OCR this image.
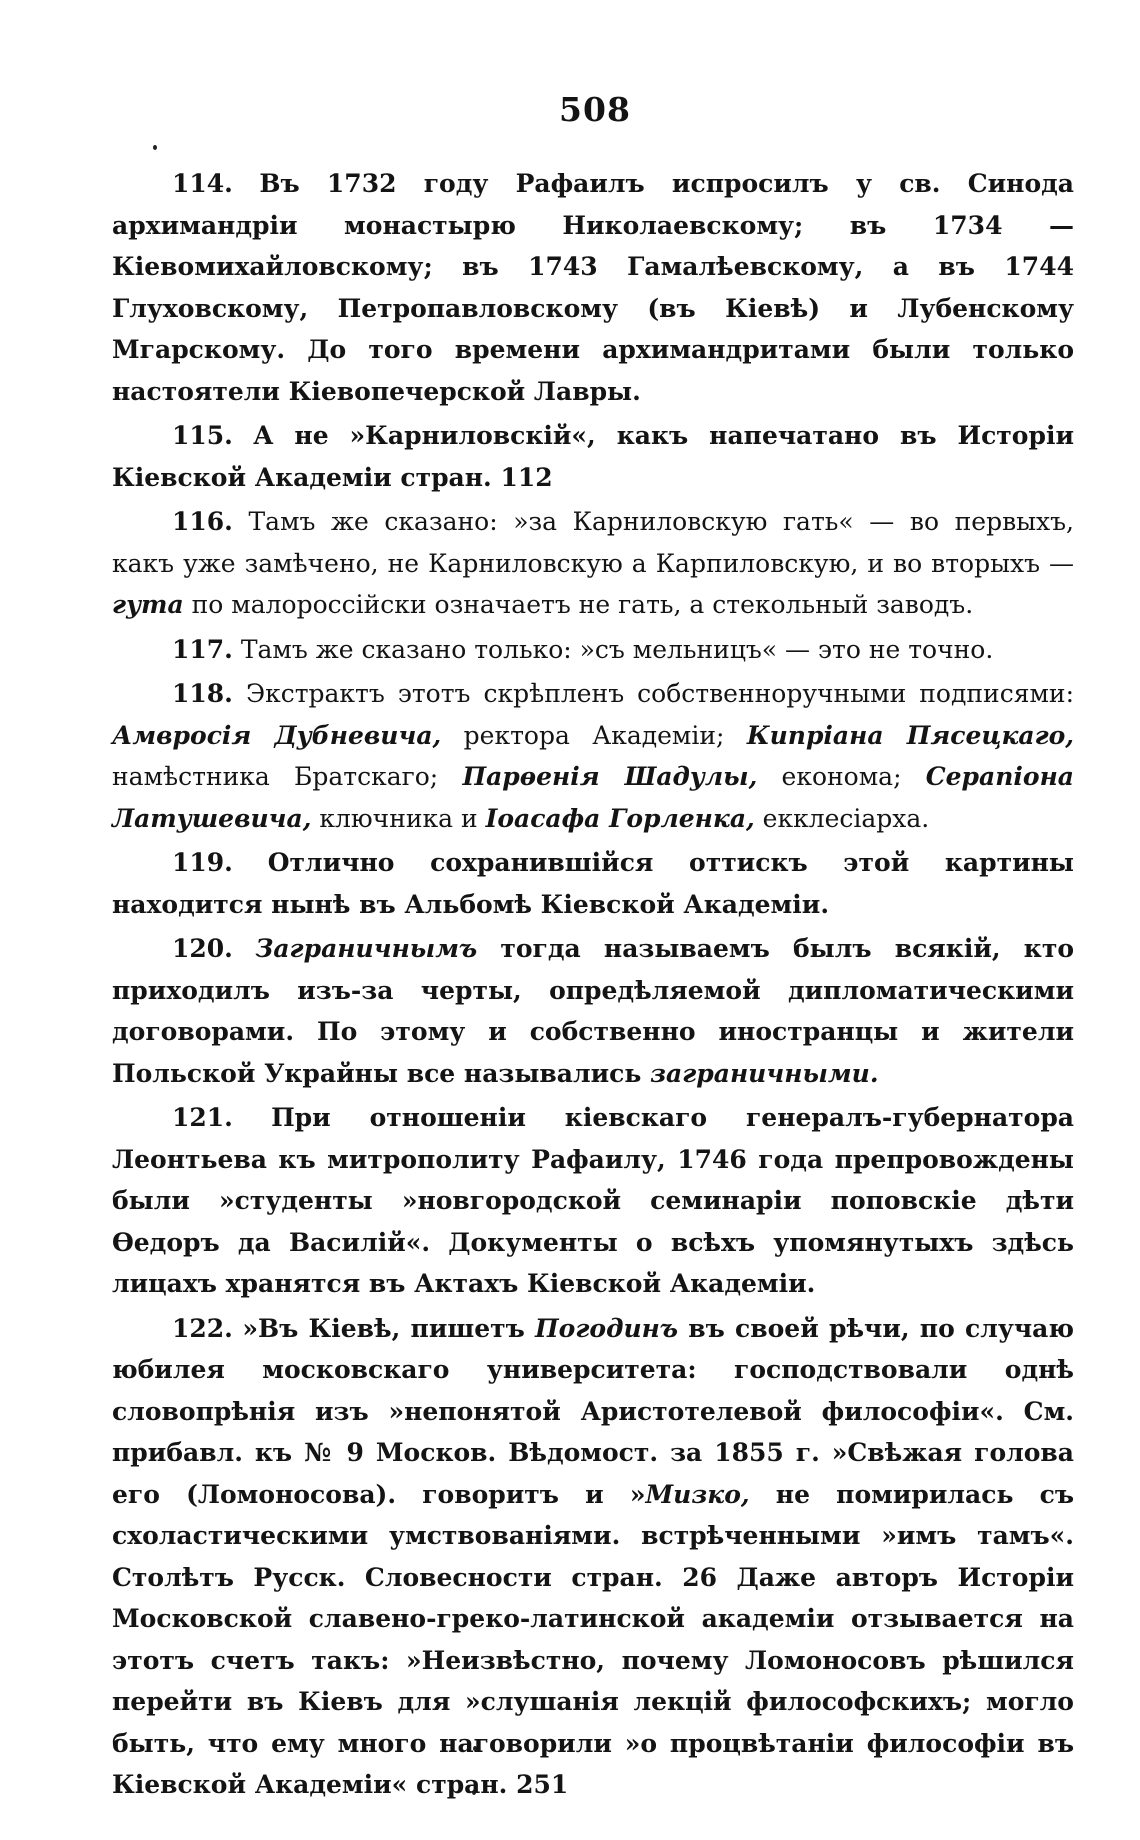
508

114. Въ 1732 году Рафаилъ испросилъ у св. Синода архимандріи монастырю Николаевскому; въ 1734 — Кіевомихайловскому; въ 1743 Гамалѣевскому, а въ 1744 Глуховскому, Петропавловскому (въ Кіевѣ) и Лубенскому Мгарскому. До того времени архимандритами были только настоятели Кіевопечерской Лавры.

115. А не »Карниловскій«, какъ напечатано въ Исторіи Кіевской Академіи стран. 112

116. Тамъ же сказано: »за Карниловскую гать« — во первыхъ, какъ уже замѣчено, не Карниловскую а Карпиловскую, и во вторыхъ — гута по малороссійски означаетъ не гать, а стекольный заводъ.

117. Тамъ же сказано только: »съ мельницъ« — это не точно.

118. Экстрактъ этотъ скрѣпленъ собственноручными подписями: Амвросія Дубневича, ректора Академіи; Кипріана Пясецкаго, намѣстника Братскаго; Парѳенія Шадулы, економа; Серапіона Латушевича, ключника и Іоасафа Горленка, екклесіарха.

119. Отлично сохранившійся оттискъ этой картины находится нынѣ въ Альбомѣ Кіевской Академіи.

120. Заграничнымъ тогда называемъ былъ всякій, кто приходилъ изъ-за черты, опредѣляемой дипломатическими договорами. По этому и собственно иностранцы и жители Польской Украйны все назывались заграничными.

121. При отношеніи кіевскаго генералъ-губернатора Леонтьева къ митрополиту Рафаилу, 1746 года препровождены были »студенты »новгородской семинаріи поповскіе дѣти Ѳедоръ да Василій«. Документы о всѣхъ упомянутыхъ здѣсь лицахъ хранятся въ Актахъ Кіевской Академіи.

122. »Въ Кіевѣ, пишетъ Погодинъ въ своей рѣчи, по случаю юбилея московскаго университета: господствовали однѣ словопрѣнія изъ »непонятой Аристотелевой философіи«. См. прибавл. къ № 9 Москов. Вѣдомост. за 1855 г. »Свѣжая голова его (Ломоносова). говоритъ и »Мизко, не помирилась съ схоластическими умствованіями. встрѣченными »имъ тамъ«. Столѣтъ Русск. Словесности стран. 26 Даже авторъ Исторіи Московской славено-греко-латинской академіи отзывается на этотъ счетъ такъ: »Неизвѣстно, почему Ломоносовъ рѣшился перейти въ Кіевъ для »слушанія лекцій философскихъ; могло быть, что ему много наговорили »о процвѣтаніи философіи въ Кіевской Академіи« стран. 251
